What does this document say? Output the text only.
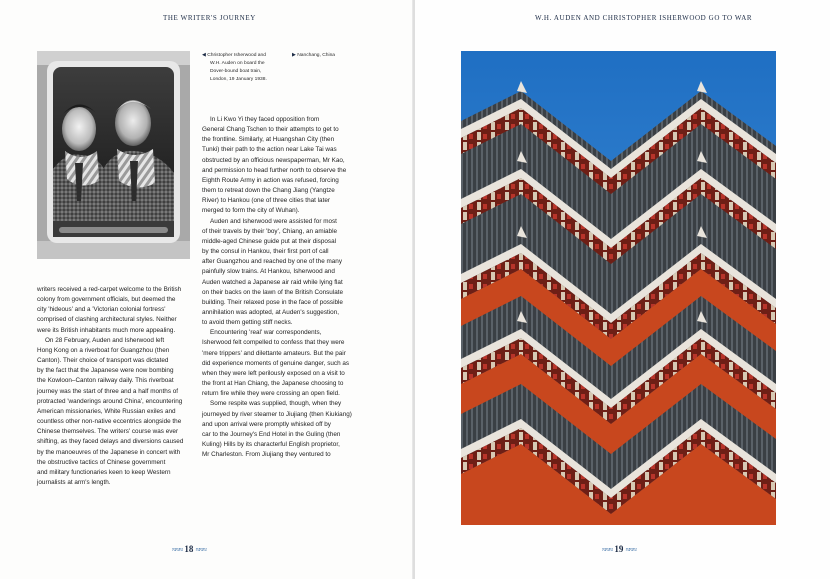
THE WRITER'S JOURNEY
◀ Christopher Isherwood and
W.H. Auden on board the
Dover-bound boat train,
London, 19 January 1938.
▶ Nanchang, China

writers received a red-carpet welcome to the British

colony from government officials, but deemed the

city 'hideous' and a 'Victorian colonial fortress'

comprised of clashing architectural styles. Neither

were its British inhabitants much more appealing.

On 28 February, Auden and Isherwood left

Hong Kong on a riverboat for Guangzhou (then

Canton). Their choice of transport was dictated

by the fact that the Japanese were now bombing

the Kowloon–Canton railway daily. This riverboat

journey was the start of three and a half months of

protracted 'wanderings around China', encountering

American missionaries, White Russian exiles and

countless other non-native eccentrics alongside the

Chinese themselves. The writers' course was ever

shifting, as they faced delays and diversions caused

by the manoeuvres of the Japanese in concert with

the obstructive tactics of Chinese government

and military functionaries keen to keep Western

journalists at arm's length.

In Li Kwo Yi they faced opposition from

General Chang Tschen to their attempts to get to

the frontline. Similarly, at Huangshan City (then

Tunki) their path to the action near Lake Tai was

obstructed by an officious newspaperman, Mr Kao,

and permission to head further north to observe the

Eighth Route Army in action was refused, forcing

them to retreat down the Chang Jiang (Yangtze

River) to Hankou (one of three cities that later

merged to form the city of Wuhan).

Auden and Isherwood were assisted for most

of their travels by their 'boy', Chiang, an amiable

middle-aged Chinese guide put at their disposal

by the consul in Hankou, their first port of call

after Guangzhou and reached by one of the many

painfully slow trains. At Hankou, Isherwood and

Auden watched a Japanese air raid while lying flat

on their backs on the lawn of the British Consulate

building. Their relaxed pose in the face of possible

annihilation was adopted, at Auden's suggestion,

to avoid them getting stiff necks.

Encountering 'real' war correspondents,

Isherwood felt compelled to confess that they were

'mere trippers' and dilettante amateurs. But the pair

did experience moments of genuine danger, such as

when they were left perilously exposed on a visit to

the front at Han Chiang, the Japanese choosing to

return fire while they were crossing an open field.

Some respite was supplied, though, when they

journeyed by river steamer to Jiujiang (then Kiukiang)

and upon arrival were promptly whisked off by

car to the Journey's End Hotel in the Guling (then

Kuling) Hills by its characterful English proprietor,

Mr Charleston. From Jiujiang they ventured to

≈≈≈ 18 ≈≈≈
W.H. AUDEN AND CHRISTOPHER ISHERWOOD GO TO WAR
≈≈≈ 19 ≈≈≈
